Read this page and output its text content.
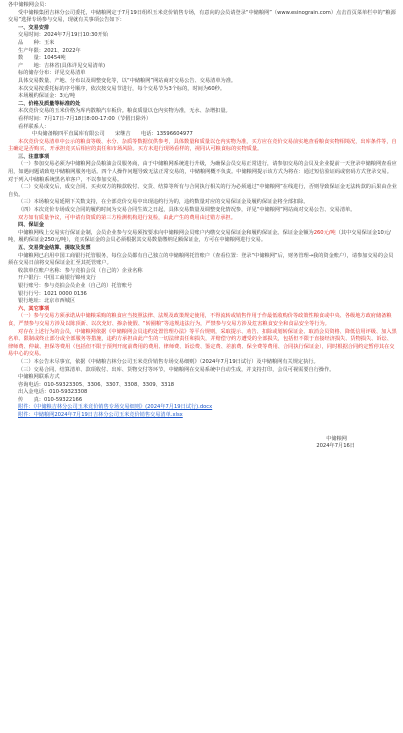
各中储粮网会员：

受中储粮集团吉林分公司委托，中储粮网定于7月19日组织玉米竞价销售专场，有意向的会员请登录“中储粮网”（www.esinograin.com）点击首页菜单栏中的“粮源交易”选择专场参与交易，现就有关事项公告如下：

一、交易安排

交易时间：2024年7月19日10:30开始

品　　种：玉米

生产年限：2021、2022年

数　　量：10454吨

产　　地：吉林省(具体详见交易清单)

标的储存分布：详见交易清单

具体交易数量、产地、分布以及调整变化等，以“中储粮网”网站商对交易公告、交易清单为准。

本次交易按委托标的序号顺序，依次按交易节进行，每个交易节为3个标的，时间为60秒。

本场履约保证金：3元/吨

二、价格及质量等标准的处

本次竞价交易的玉米价格为库内散粮汽车板价。粮食质量以仓内实物为准，无水、杂增扣量。

看样时间：7月17日-7月18日8:00-17:00（节假日除外）

看样联系人：

中央储备粮四平直属库有限公司　　宋继吉　　电话：13596604977

本次竞价交易清单中公示的粮食等级、水分、杂质等数据仅供参考，具体数量和质量以仓内实物为准，买方应在竞价交易前实地查看粮食实物相境况，出库条件等，自主确定是否购买，开承担竞买后相应的责任和市场风险。买方未进行现场看样的，视同认可粮食标的实物质量。

三、注意事项

（一）参加交易必须为中储粮网会员粮油会员服务商，由于中储粮网系统进行升级，为确保会员交易正常进行，请参加交易的会员及企业提前一天登录中储粮网查看应用，如遇问题请致电中储粮网服务电话。四个人操作问题导致无法正常交易的，中储粮网概不负责。中储粮网提示该方式为将在：通过短信验证码或密码方式登录交易。对于列入中储粮系统黑名单客户，不以参加交易。

（二）交易成交后，成交合同、买卖双方的粮款收付、交货、结算等所有与合同执行相关的行为必须通过“中储粮网”在线进行，否则导致保证金无法转款的后果由企业自负。

（三）本场粮交易延期下关数支持，在全部竞价交易中出现违约行为的，违约数量对应的交易保证金及履约保证金将全部扣除。

（四）本次竞价专场成交合同的履约时间为交易合同生效之日起，具体交易数量及调整变化情况参，详见“中储粮网”网站商对交易公告、交易清单。

双方如有质量争议，可申请有资质的第三方检测机构进行复检，由此产生的费用由过错方承担。

四、保证金

中储粮网线上交易实行保证金制，会员企业参与交易须按要求向中储粮网会员账户内缴交交易保证金和履约保证金。保证金金额为260元/吨（其中交易保证金10元/吨，履约保证金250元/吨），竞买保证金的会员必须根据其交易数量缴纳足额保证金，方可在中储粮网进行交易。

五、交易资金结算、提取及发票

中储粮网已启用中国工商银行托管服务，每位会员都有自己独立的中储粮网托管账户（查看位置：登录“中储粮网”后，财务管理→我的资金账户），请参加交易的会员须在交易日前将交易保证金汇至其托管账户。

收款单位账户名称：参与竞拍会员（自己的）企业名称

开户银行：中国工商银行锦州支行

银行账号：参与竞拍会员企业（自己的）托管账号

银行行号：1021 0000 0136

银行地址：北京市西城区

六、其它事项

（一）参与交易方须承诺从中储粮采购的粮食应当按照法律、法规及政策规定使用，不得流转或销售作用于作最低收购价等政策性粮食或中央、各级地方政府储备粮食，严禁参与交易方涉及以陈顶新、以次充好、掺杂使假、“转圈粮”等违规违法行为，严禁参与交易方涉及危害粮食安全和食品安全等行为。

对存在上述行为的会员，中储粮网依据《中储粮网会员违约处置管理办法》等平台规则，采取提示、劝告、扣除或划转保证金、取消会员资格、降低信用评级、加入黑名单、限制或终止部分或全部服务等措施，违约方承担由此产生的一切法律责任和损失，并赔偿守约方遭受的全部损失，包括但不限于直接经济损失、货物损失、诉讼、律师费、仲裁、担保等费用（包括但不限于预判开庭前费用的费用、律师费、诉讼费、鉴定费、差旅费、保全费等费用、合同执行保证金），同时根据合同约定暂停其在交易中心的交易。

（二）本公告未尽事宜，依据《中储粮吉林分公司玉米竞价销售专场交易细则》（2024年7月19日试行）及中储粮网有关规定执行。

（三）交易合同、结算清单、款项收付、出库、货物交付等环节，中储粮网在交易系统中自动生成，并支持打印，会员可视需要自行操作。

中储粮网联系方式

咨询电话：010-59323305、3306、3307、3308、3309、3318

出入金电话：010-59323308

传　　真：010-59322166

附件：《中储粮吉林分公司玉米竞价销售专场交易细则》(2024年7月19日试行).docx

附件：中储粮网2024年7月19日吉林分公司玉米竞价销售交易清单.xlsx

中储粮网

2024年7月16日
